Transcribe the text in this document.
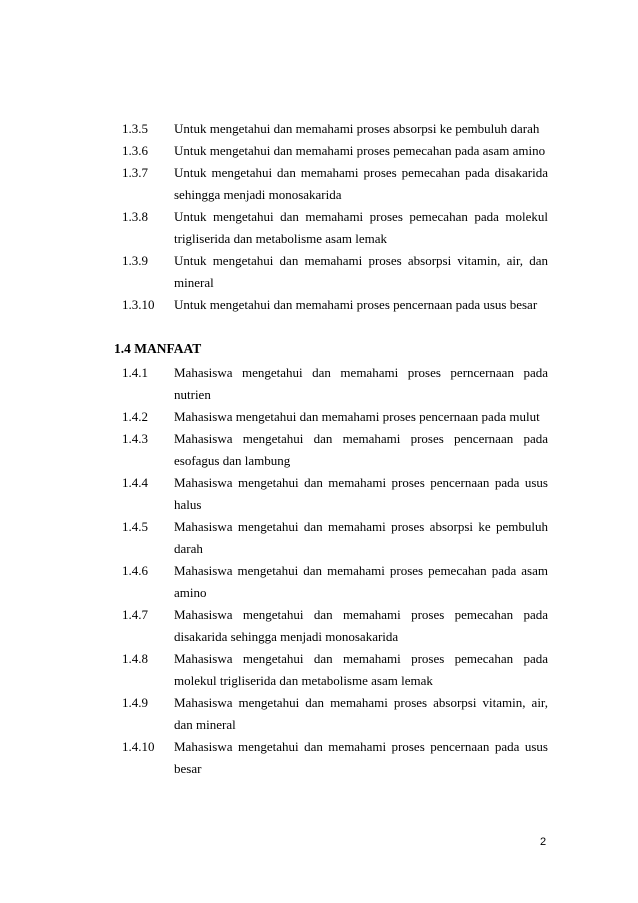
1.3.5	Untuk mengetahui dan memahami proses absorpsi ke pembuluh darah
1.3.6	Untuk mengetahui dan memahami proses pemecahan pada asam amino
1.3.7	Untuk mengetahui dan memahami proses pemecahan pada disakarida sehingga menjadi monosakarida
1.3.8	Untuk mengetahui dan memahami proses pemecahan pada molekul trigliserida dan metabolisme asam lemak
1.3.9	Untuk mengetahui dan memahami proses absorpsi vitamin, air, dan mineral
1.3.10	Untuk mengetahui dan memahami proses pencernaan pada usus besar
1.4 MANFAAT
1.4.1	Mahasiswa mengetahui dan memahami proses perncernaan pada nutrien
1.4.2	Mahasiswa mengetahui dan memahami proses pencernaan pada mulut
1.4.3	Mahasiswa mengetahui dan memahami proses pencernaan pada esofagus dan lambung
1.4.4	Mahasiswa mengetahui dan memahami proses pencernaan pada usus halus
1.4.5	Mahasiswa mengetahui dan memahami proses absorpsi ke pembuluh darah
1.4.6	Mahasiswa mengetahui dan memahami proses pemecahan pada asam amino
1.4.7	Mahasiswa mengetahui dan memahami proses pemecahan pada disakarida sehingga menjadi monosakarida
1.4.8	Mahasiswa mengetahui dan memahami proses pemecahan pada molekul trigliserida dan metabolisme asam lemak
1.4.9	Mahasiswa mengetahui dan memahami proses absorpsi vitamin, air, dan mineral
1.4.10	Mahasiswa mengetahui dan memahami proses pencernaan pada usus besar
2
